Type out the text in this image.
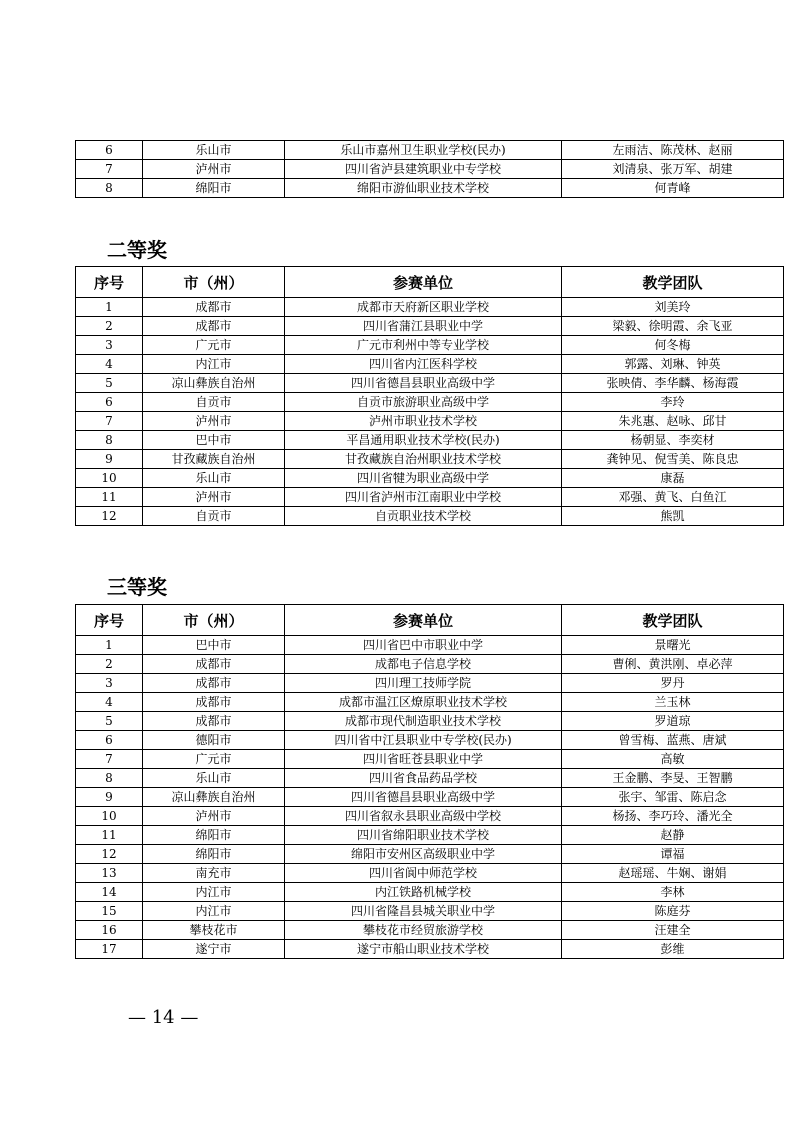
6	乐山市	乐山市嘉州卫生职业学校(民办)	左雨洁、陈茂林、赵丽
7	泸州市	四川省泸县建筑职业中专学校	刘清泉、张万军、胡建
8	绵阳市	绵阳市游仙职业技术学校	何青峰
二等奖
序号	市（州）	参赛单位	教学团队
1	成都市	成都市天府新区职业学校	刘美玲
2	成都市	四川省蒲江县职业中学	梁毅、徐明霞、余飞亚
3	广元市	广元市利州中等专业学校	何冬梅
4	内江市	四川省内江医科学校	郭露、刘琳、钟英
5	凉山彝族自治州	四川省德昌县职业高级中学	张映倩、李华麟、杨海霞
6	自贡市	自贡市旅游职业高级中学	李玲
7	泸州市	泸州市职业技术学校	朱兆惠、赵咏、邱甘
8	巴中市	平昌通用职业技术学校(民办)	杨朝显、李奕材
9	甘孜藏族自治州	甘孜藏族自治州职业技术学校	龚钟见、倪雪美、陈良忠
10	乐山市	四川省犍为职业高级中学	康磊
11	泸州市	四川省泸州市江南职业中学校	邓强、黄飞、白鱼江
12	自贡市	自贡职业技术学校	熊凯
三等奖
序号	市（州）	参赛单位	教学团队
1	巴中市	四川省巴中市职业中学	景曙光
2	成都市	成都电子信息学校	曹俐、黄洪刚、卓必萍
3	成都市	四川理工技师学院	罗丹
4	成都市	成都市温江区燎原职业技术学校	兰玉林
5	成都市	成都市现代制造职业技术学校	罗道琼
6	德阳市	四川省中江县职业中专学校(民办)	曾雪梅、蓝燕、唐斌
7	广元市	四川省旺苍县职业中学	高敏
8	乐山市	四川省食品药品学校	王金鹏、李旻、王智鹏
9	凉山彝族自治州	四川省德昌县职业高级中学	张宇、邹雷、陈启念
10	泸州市	四川省叙永县职业高级中学校	杨扬、李巧玲、潘光全
11	绵阳市	四川省绵阳职业技术学校	赵静
12	绵阳市	绵阳市安州区高级职业中学	谭福
13	南充市	四川省阆中师范学校	赵瑶瑶、牛娴、谢娟
14	内江市	内江铁路机械学校	李林
15	内江市	四川省隆昌县城关职业中学	陈庭芬
16	攀枝花市	攀枝花市经贸旅游学校	汪建全
17	遂宁市	遂宁市船山职业技术学校	彭维
— 14 —
